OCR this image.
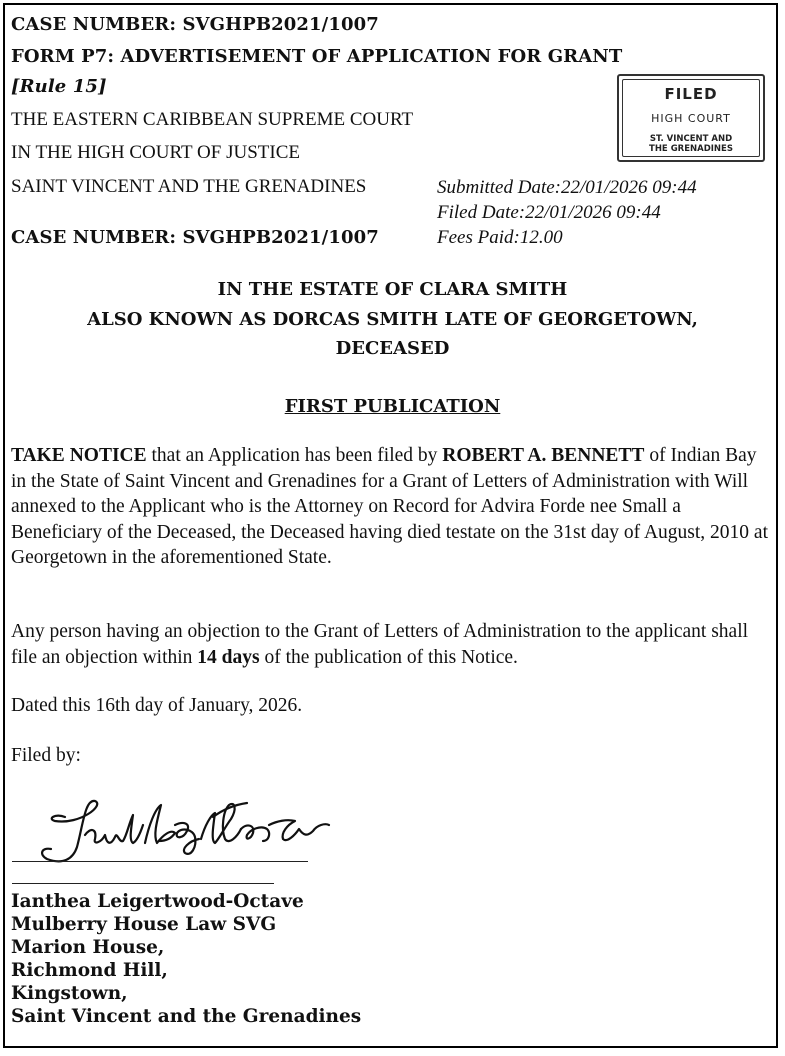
CASE NUMBER: SVGHPB2021/1007
FORM P7: ADVERTISEMENT OF APPLICATION FOR GRANT
[Rule 15]
THE EASTERN CARIBBEAN SUPREME COURT
IN THE HIGH COURT OF JUSTICE
SAINT VINCENT AND THE GRENADINES
CASE NUMBER: SVGHPB2021/1007
FILED
HIGH COURT
ST. VINCENT AND
THE GRENADINES
Submitted Date:22/01/2026 09:44
Filed Date:22/01/2026 09:44
Fees Paid:12.00
IN THE ESTATE OF CLARA SMITH
ALSO KNOWN AS DORCAS SMITH LATE OF GEORGETOWN,
DECEASED
FIRST PUBLICATION
TAKE NOTICE that an Application has been filed by ROBERT A. BENNETT of Indian Bay in the State of Saint Vincent and Grenadines for a Grant of Letters of Administration with Will annexed to the Applicant who is the Attorney on Record for Advira Forde nee Small a Beneficiary of the Deceased, the Deceased having died testate on the 31st day of August, 2010 at Georgetown in the aforementioned State.
Any person having an objection to the Grant of Letters of Administration to the applicant shall file an objection within 14 days of the publication of this Notice.
Dated this 16th day of January, 2026.
Filed by:
Ianthea Leigertwood-Octave
Mulberry House Law SVG
Marion House,
Richmond Hill,
Kingstown,
Saint Vincent and the Grenadines
